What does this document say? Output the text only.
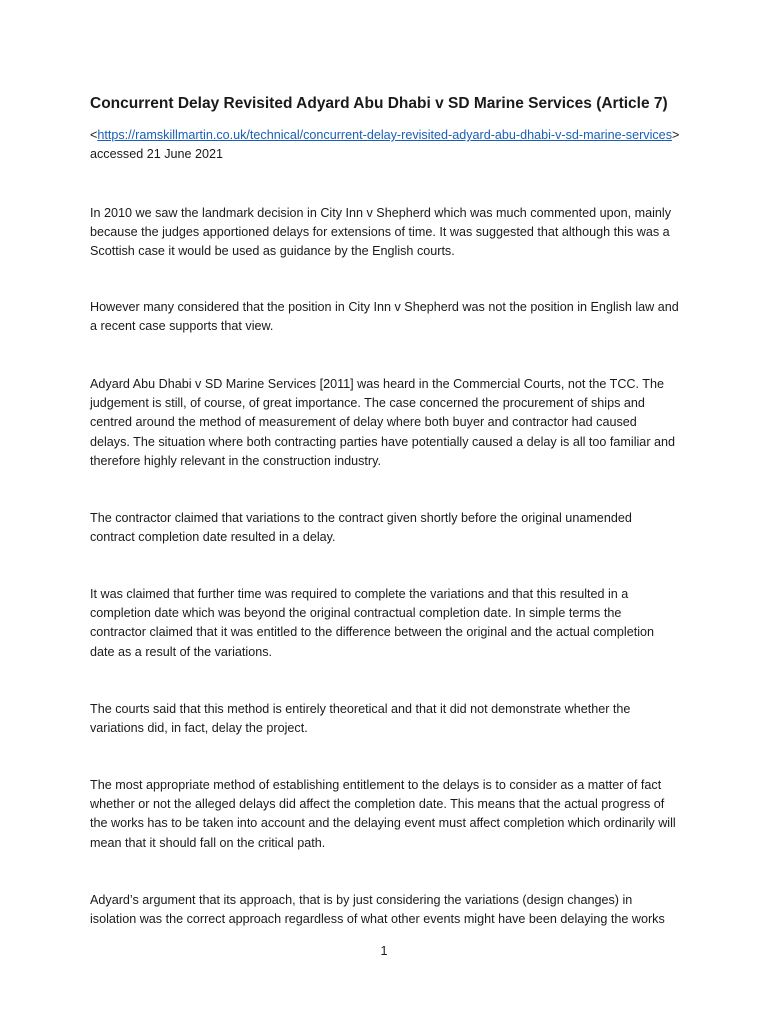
Concurrent Delay Revisited Adyard Abu Dhabi v SD Marine Services (Article 7)

<https://ramskillmartin.co.uk/technical/concurrent-delay-revisited-adyard-abu-dhabi-v-sd-marine-services> accessed 21 June 2021

In 2010 we saw the landmark decision in City Inn v Shepherd which was much commented upon, mainly because the judges apportioned delays for extensions of time. It was suggested that although this was a Scottish case it would be used as guidance by the English courts.

However many considered that the position in City Inn v Shepherd was not the position in English law and a recent case supports that view.

Adyard Abu Dhabi v SD Marine Services [2011] was heard in the Commercial Courts, not the TCC. The judgement is still, of course, of great importance. The case concerned the procurement of ships and centred around the method of measurement of delay where both buyer and contractor had caused delays. The situation where both contracting parties have potentially caused a delay is all too familiar and therefore highly relevant in the construction industry.

The contractor claimed that variations to the contract given shortly before the original unamended contract completion date resulted in a delay.

It was claimed that further time was required to complete the variations and that this resulted in a completion date which was beyond the original contractual completion date. In simple terms the contractor claimed that it was entitled to the difference between the original and the actual completion date as a result of the variations.

The courts said that this method is entirely theoretical and that it did not demonstrate whether the variations did, in fact, delay the project.

The most appropriate method of establishing entitlement to the delays is to consider as a matter of fact whether or not the alleged delays did affect the completion date. This means that the actual progress of the works has to be taken into account and the delaying event must affect completion which ordinarily will mean that it should fall on the critical path.

Adyard’s argument that its approach, that is by just considering the variations (design changes) in isolation was the correct approach regardless of what other events might have been delaying the works

1
